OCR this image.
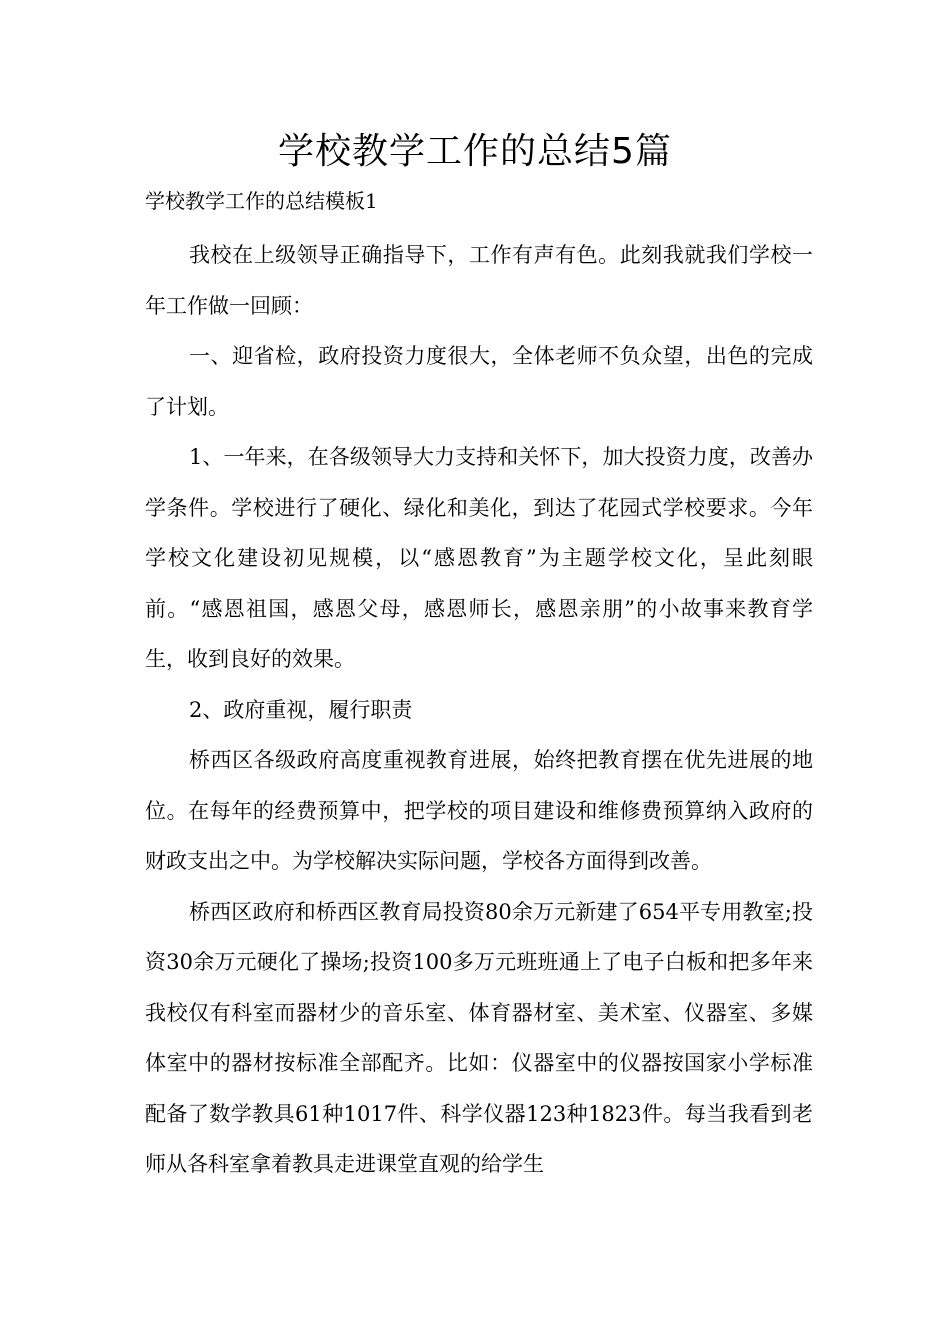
学校教学工作的总结5篇
学校教学工作的总结模板1

我校在上级领导正确指导下，工作有声有色。此刻我就我们学校一年工作做一回顾：

一、迎省检，政府投资力度很大，全体老师不负众望，出色的完成了计划。

1、一年来，在各级领导大力支持和关怀下，加大投资力度，改善办学条件。学校进行了硬化、绿化和美化，到达了花园式学校要求。今年学校文化建设初见规模，以“感恩教育”为主题学校文化，呈此刻眼前。“感恩祖国，感恩父母，感恩师长，感恩亲朋”的小故事来教育学生，收到良好的效果。

2、政府重视，履行职责

桥西区各级政府高度重视教育进展，始终把教育摆在优先进展的地位。在每年的经费预算中，把学校的项目建设和维修费预算纳入政府的财政支出之中。为学校解决实际问题，学校各方面得到改善。

桥西区政府和桥西区教育局投资80余万元新建了654平专用教室;投资30余万元硬化了操场;投资100多万元班班通上了电子白板和把多年来我校仅有科室而器材少的音乐室、体育器材室、美术室、仪器室、多媒体室中的器材按标准全部配齐。比如：仪器室中的仪器按国家小学标准配备了数学教具61种1017件、科学仪器123种1823件。每当我看到老师从各科室拿着教具走进课堂直观的给学生
